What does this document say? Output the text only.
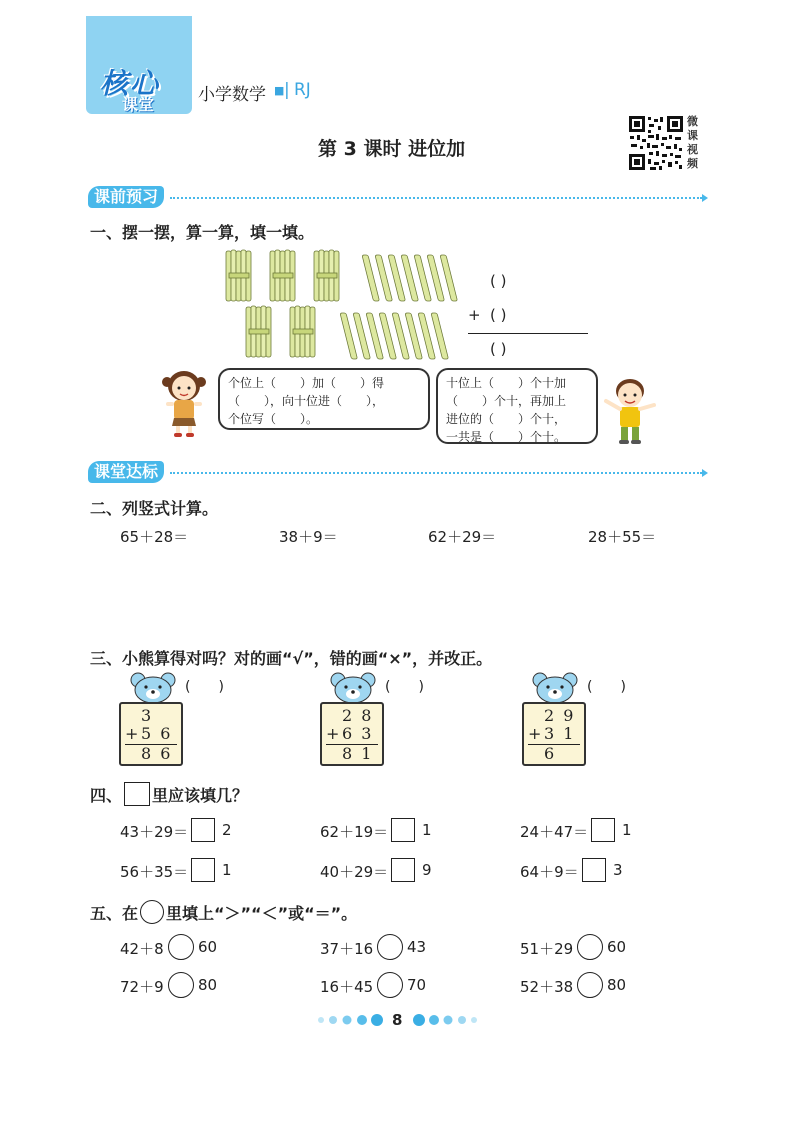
核心
课堂	小学数学 ■ | RJ
第 3 课时 进位加
微
课
视
频
课前预习
一、摆一摆，算一算，填一填。
( )
+ ( )
( )
个位上（　　）加（　　）得
（　　），向十位进（　　），
个位写（　　）。
十位上（　　）个十加
（　　）个十，再加上
进位的（　　）个十，
一共是（　　）个十。
课堂达标
二、列竖式计算。
65＋28＝	38＋9＝	62＋29＝	28＋55＝
三、小熊算得对吗？对的画“√”，错的画“×”，并改正。
(　　)	(　　)	(　　)
3
+ 5 6
8 6
2 8
+ 6 3
8 1
2 9
+ 3 1
6
四、 里应该填几？
43＋29＝ 2	62＋19＝ 1	24＋47＝ 1
56＋35＝ 1	40＋29＝ 9	64＋9＝ 3
五、在 里填上“＞”“＜”或“＝”。
42＋8 60	37＋16 43	51＋29 60
72＋9 80	16＋45 70	52＋38 80
8
